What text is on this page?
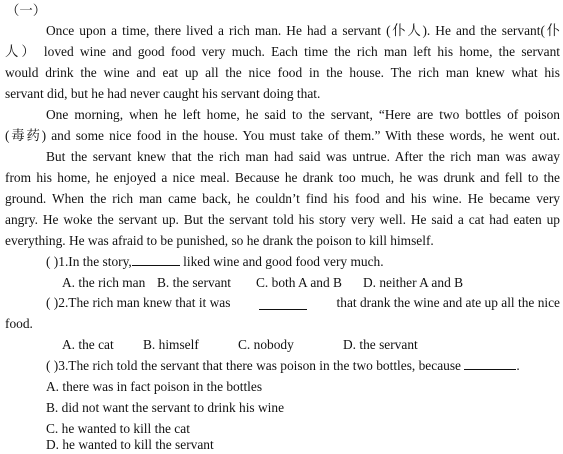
（一）
Once upon a time, there lived a rich man. He had a servant (仆人). He and the servant(仆
人） loved wine and good food very much. Each time the rich man left his home, the servant
would drink the wine and eat up all the nice food in the house. The rich man knew what his
servant did, but he had never caught his servant doing that.
One morning, when he left home, he said to the servant, “Here are two bottles of poison
(毒药) and some nice food in the house. You must take of them.” With these words, he went out.
But the servant knew that the rich man had said was untrue. After the rich man was away
from his home, he enjoyed a nice meal. Because he drank too much, he was drunk and fell to the
ground. When the rich man came back, he couldn’t find his food and his wine. He became very
angry. He woke the servant up. But the servant told his story very well. He said a cat had eaten up
everything. He was afraid to be punished, so he drank the poison to kill himself.
( )1.In the story,	liked wine and good food very much.
A. the rich man B. the servant C. both A and B D. neither A and B
( )2.The rich man knew that it was	that drank the wine and ate up all the nice
food.
A. the cat B. himself	C. nobody	D. the servant
( )3.The rich told the servant that there was poison in the two bottles, because	.
A. there was in fact poison in the bottles
B. did not want the servant to drink his wine
C. he wanted to kill the cat
D. he wanted to kill the servant
